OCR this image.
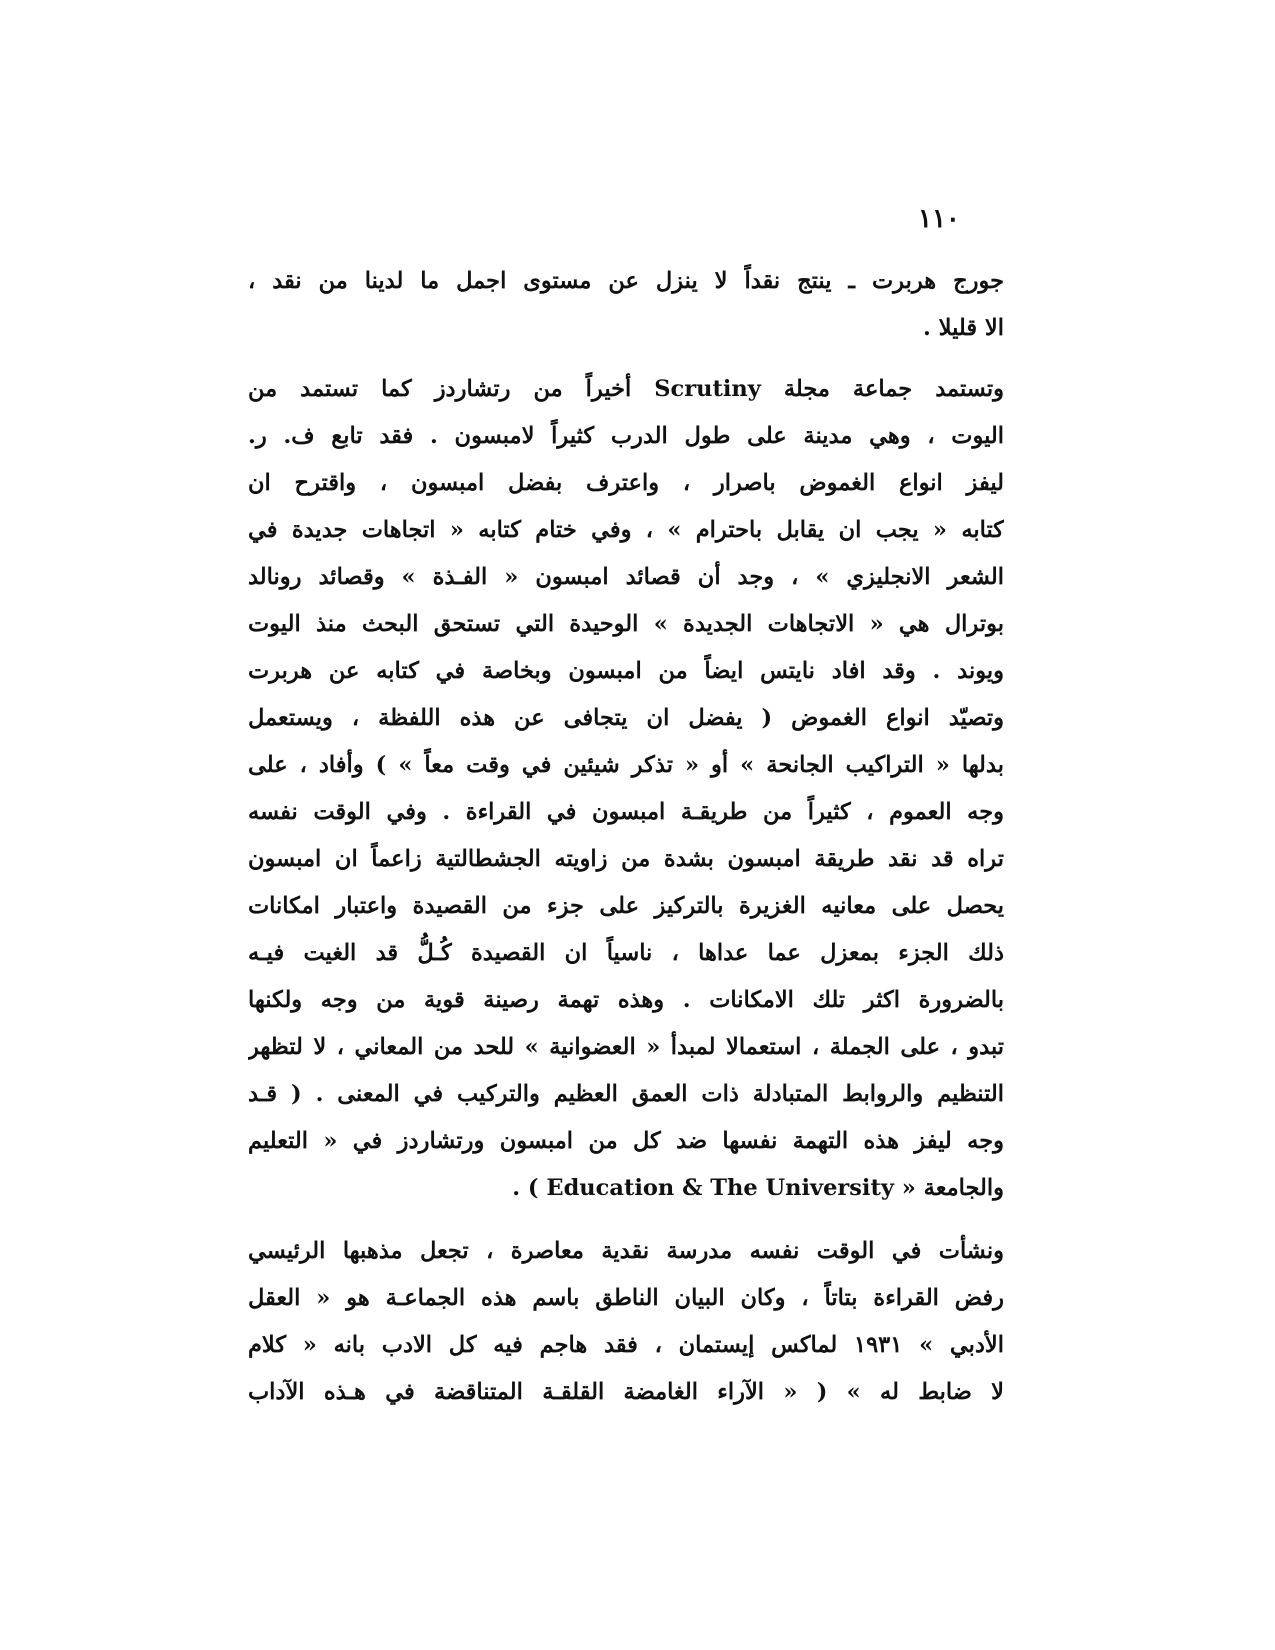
١١٠
جورج هربرت ـ ينتج نقداً لا ينزل عن مستوى اجمل ما لدينا من نقد ،
الا قليلا .
وتستمد جماعة مجلة Scrutiny أخيراً من رتشاردز كما تستمد من
اليوت ، وهي مدينة على طول الدرب كثيراً لامبسون . فقد تابع ف. ر.
ليفز انواع الغموض باصرار ، واعترف بفضل امبسون ، واقترح ان
كتابه « يجب ان يقابل باحترام » ، وفي ختام كتابه « اتجاهات جديدة في
الشعر الانجليزي » ، وجد أن قصائد امبسون « الفـذة » وقصائد رونالد
بوترال هي « الاتجاهات الجديدة » الوحيدة التي تستحق البحث منذ اليوت
ويوند . وقد افاد نايتس ايضاً من امبسون وبخاصة في كتابه عن هربرت
وتصيّد انواع الغموض ( يفضل ان يتجافى عن هذه اللفظة ، ويستعمل
بدلها « التراكيب الجانحة » أو « تذكر شيئين في وقت معاً » ) وأفاد ، على
وجه العموم ، كثيراً من طريقـة امبسون في القراءة . وفي الوقت نفسه
تراه قد نقد طريقة امبسون بشدة من زاويته الجشطالتية زاعماً ان امبسون
يحصل على معانيه الغزيرة بالتركيز على جزء من القصيدة واعتبار امكانات
ذلك الجزء بمعزل عما عداها ، ناسياً ان القصيدة كُـلُّ قد الغيت فيـه
بالضرورة اكثر تلك الامكانات . وهذه تهمة رصينة قوية من وجه ولكنها
تبدو ، على الجملة ، استعمالا لمبدأ « العضوانية » للحد من المعاني ، لا لتظهر
التنظيم والروابط المتبادلة ذات العمق العظيم والتركيب في المعنى . ( قـد
وجه ليفز هذه التهمة نفسها ضد كل من امبسون ورتشاردز في « التعليم
والجامعة « Education & The University ) .
ونشأت في الوقت نفسه مدرسة نقدية معاصرة ، تجعل مذهبها الرئيسي
رفض القراءة بتاتاً ، وكان البيان الناطق باسم هذه الجماعـة هو « العقل
الأدبي » ١٩٣١ لماكس إيستمان ، فقد هاجم فيه كل الادب بانه « كلام
لا ضابط له » ( « الآراء الغامضة القلقـة المتناقضة في هـذه الآداب
